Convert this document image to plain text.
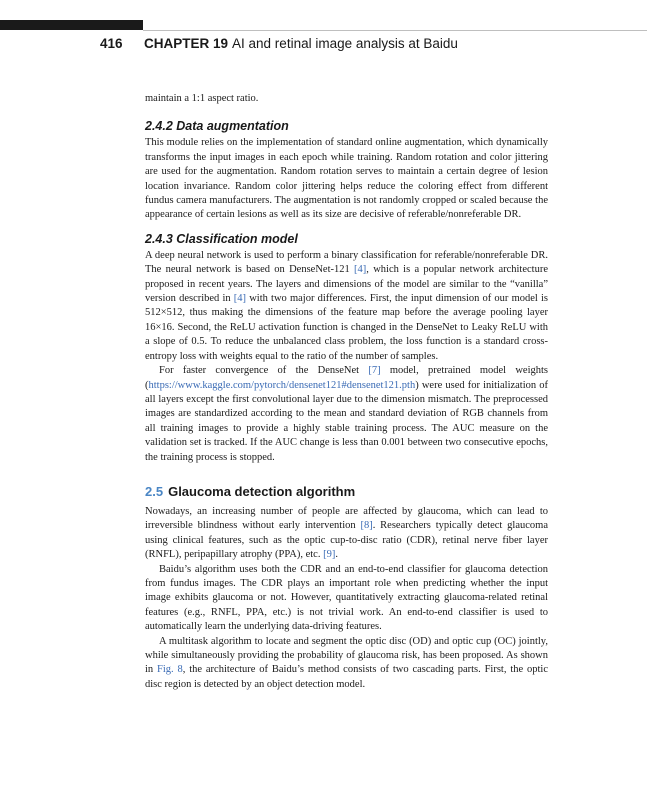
416 CHAPTER 19 AI and retinal image analysis at Baidu

maintain a 1:1 aspect ratio.

2.4.2 Data augmentation

This module relies on the implementation of standard online augmentation, which dynamically transforms the input images in each epoch while training. Random rotation and color jittering are used for the augmentation. Random rotation serves to maintain a certain degree of lesion location invariance. Random color jittering helps reduce the coloring effect from different fundus camera manufacturers. The augmentation is not randomly cropped or scaled because the appearance of certain lesions as well as its size are decisive of referable/nonreferable DR.

2.4.3 Classification model

A deep neural network is used to perform a binary classification for referable/nonreferable DR. The neural network is based on DenseNet-121 [4], which is a popular network architecture proposed in recent years. The layers and dimensions of the model are similar to the “vanilla” version described in [4] with two major differences. First, the input dimension of our model is 512×512, thus making the dimensions of the feature map before the average pooling layer 16×16. Second, the ReLU activation function is changed in the DenseNet to Leaky ReLU with a slope of 0.5. To reduce the unbalanced class problem, the loss function is a standard cross-entropy loss with weights equal to the ratio of the number of samples.

For faster convergence of the DenseNet [7] model, pretrained model weights (https://www.kaggle.com/pytorch/densenet121#densenet121.pth) were used for initialization of all layers except the first convolutional layer due to the dimension mismatch. The preprocessed images are standardized according to the mean and standard deviation of RGB channels from all training images to provide a highly stable training process. The AUC measure on the validation set is tracked. If the AUC change is less than 0.001 between two consecutive epochs, the training process is stopped.

2.5 Glaucoma detection algorithm

Nowadays, an increasing number of people are affected by glaucoma, which can lead to irreversible blindness without early intervention [8]. Researchers typically detect glaucoma using clinical features, such as the optic cup-to-disc ratio (CDR), retinal nerve fiber layer (RNFL), peripapillary atrophy (PPA), etc. [9].

Baidu’s algorithm uses both the CDR and an end-to-end classifier for glaucoma detection from fundus images. The CDR plays an important role when predicting whether the input image exhibits glaucoma or not. However, quantitatively extracting glaucoma-related retinal features (e.g., RNFL, PPA, etc.) is not trivial work. An end-to-end classifier is used to automatically learn the underlying data-driving features.

A multitask algorithm to locate and segment the optic disc (OD) and optic cup (OC) jointly, while simultaneously providing the probability of glaucoma risk, has been proposed. As shown in Fig. 8, the architecture of Baidu’s method consists of two cascading parts. First, the optic disc region is detected by an object detection model.
